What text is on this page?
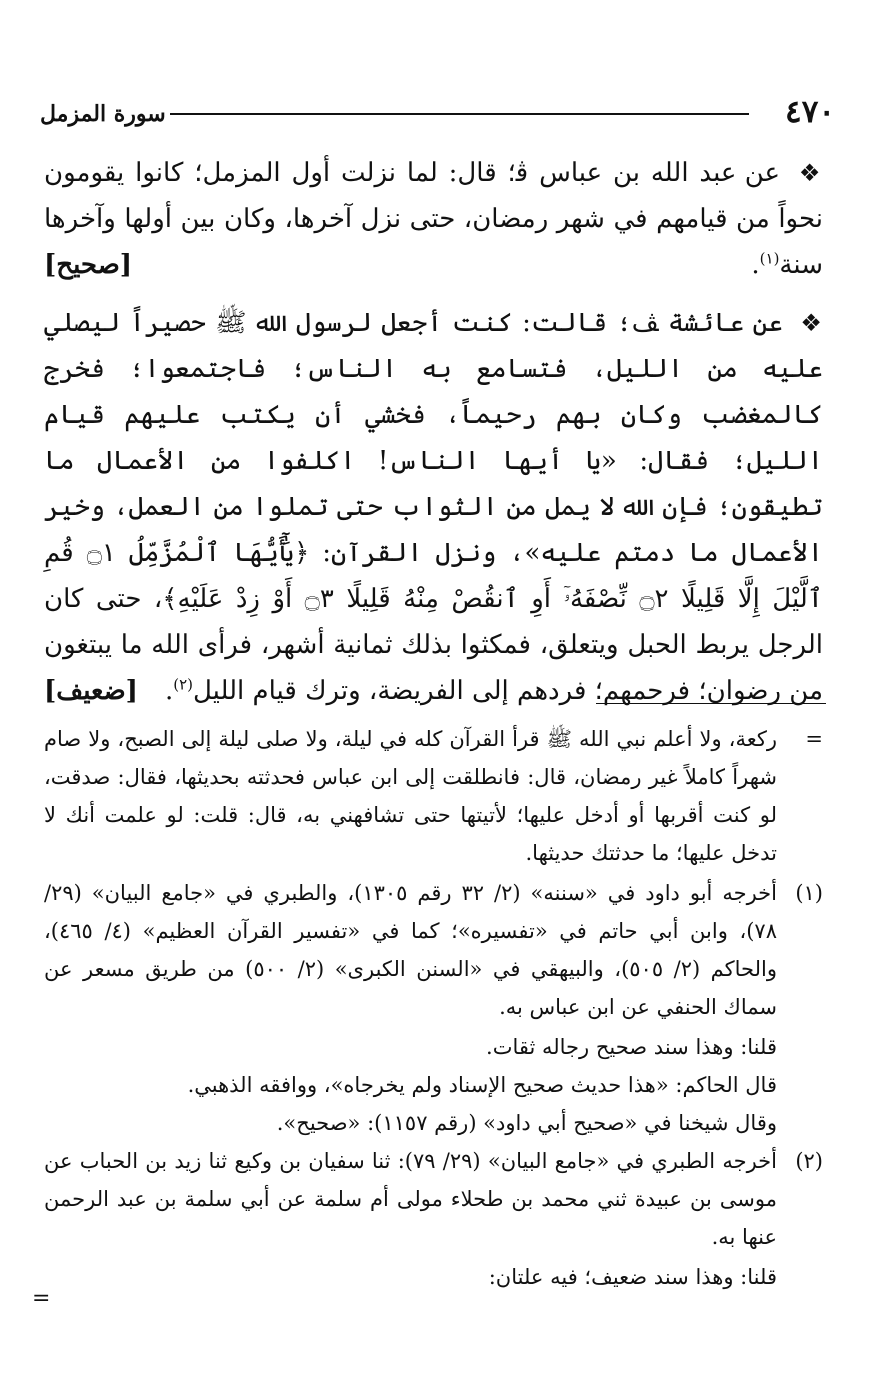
٤٧٠
سورة المزمل

❖ عن عبد الله بن عباس ﭬ؛ قال: لما نزلت أول المزمل؛ كانوا يقومون نحواً من قيامهم في شهر رمضان، حتى نزل آخرها، وكان بين أولها وآخرها سنة$^{(١)}$.
[صحيح]

❖ عن عائشة ﭫ؛ قالت: كنت أجعل لرسول الله ﷺ حصيراً ليصلي عليه من الليل، فتسامع به الناس؛ فاجتمعوا؛ فخرج كالمغضب وكان بهم رحيماً، فخشي أن يكتب عليهم قيام الليل؛ فقال: «يا أيها الناس! اكلفوا من الأعمال ما تطيقون؛ فإن الله لا يمل من الثواب حتى تملوا من العمل، وخير الأعمال ما دمتم عليه»، ونزل القرآن: ﴿يَٰٓأَيُّهَا ٱلْمُزَّمِّلُ ۝١ قُمِ ٱلَّيْلَ إِلَّا قَلِيلًا ۝٢ نِّصْفَهُۥٓ أَوِ ٱنقُصْ مِنْهُ قَلِيلًا ۝٣ أَوْ زِدْ عَلَيْهِ﴾، حتى كان الرجل يربط الحبل ويتعلق، فمكثوا بذلك ثمانية أشهر، فرأى الله ما يبتغون من رضوان؛ فرحمهم؛ فردهم إلى الفريضة، وترك قيام الليل$^{(٢)}$.
[ضعيف]

=
ركعة، ولا أعلم نبي الله ﷺ قرأ القرآن كله في ليلة، ولا صلى ليلة إلى الصبح، ولا صام شهراً كاملاً غير رمضان، قال: فانطلقت إلى ابن عباس فحدثته بحديثها، فقال: صدقت، لو كنت أقربها أو أدخل عليها؛ لأتيتها حتى تشافهني به، قال: قلت: لو علمت أنك لا تدخل عليها؛ ما حدثتك حديثها.
(١)
أخرجه أبو داود في «سننه» (٢/ ٣٢ رقم ١٣٠٥)، والطبري في «جامع البيان» (٢٩/ ٧٨)، وابن أبي حاتم في «تفسيره»؛ كما في «تفسير القرآن العظيم» (٤/ ٤٦٥)، والحاكم (٢/ ٥٠٥)، والبيهقي في «السنن الكبرى» (٢/ ٥٠٠) من طريق مسعر عن سماك الحنفي عن ابن عباس به.

قلنا: وهذا سند صحيح رجاله ثقات.

قال الحاكم: «هذا حديث صحيح الإسناد ولم يخرجاه»، ووافقه الذهبي.

وقال شيخنا في «صحيح أبي داود» (رقم ١١٥٧): «صحيح».

(٢)
أخرجه الطبري في «جامع البيان» (٢٩/ ٧٩): ثنا سفيان بن وكيع ثنا زيد بن الحباب عن موسى بن عبيدة ثني محمد بن طحلاء مولى أم سلمة عن أبي سلمة بن عبد الرحمن عنها به.

قلنا: وهذا سند ضعيف؛ فيه علتان:

=
